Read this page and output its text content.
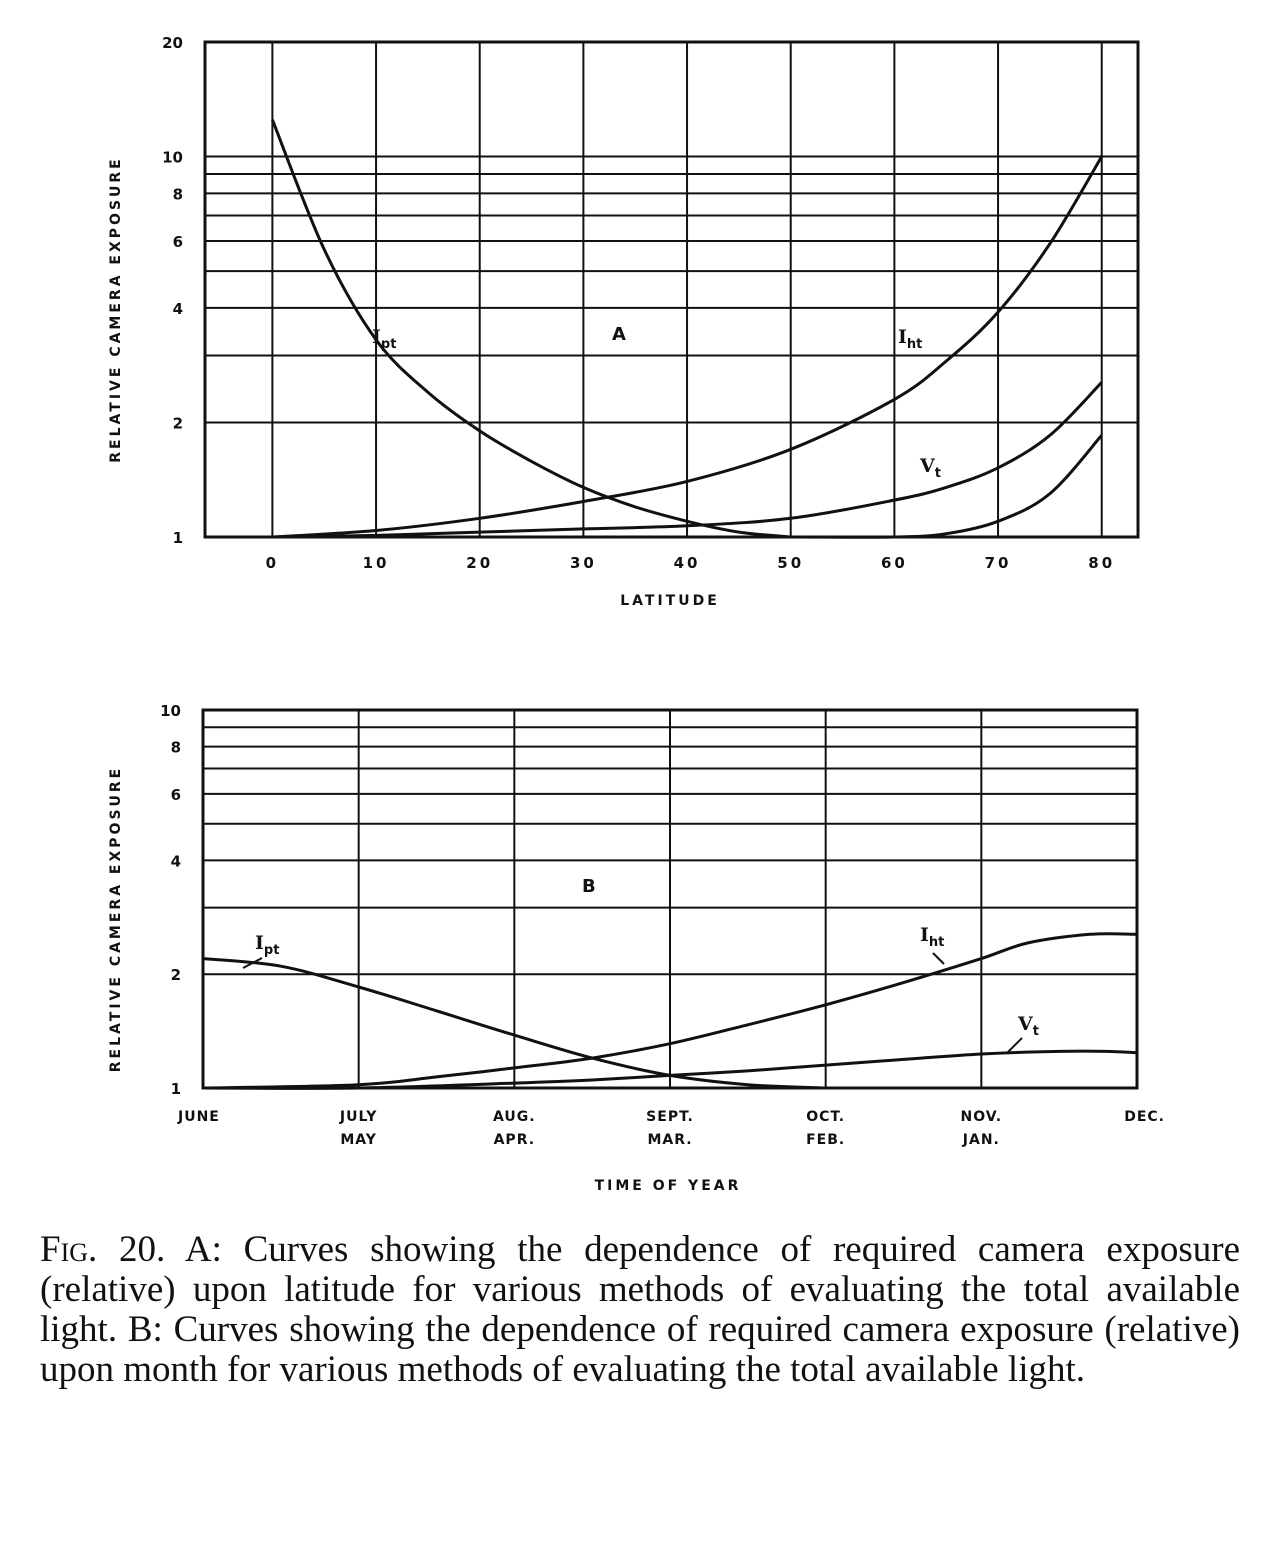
1
2
4
6
8
10
20
RELATIVE CAMERA EXPOSURE
0	10	20	30	40	50	60	70	80
LATITUDE
$I_{pt}$	$I_{ht}$
$V_t$
A
1
2
4
6
8
10
RELATIVE CAMERA EXPOSURE
JUNE	JULY
MAY
AUG.
APR.
SEPT.
MAR.
OCT.
FEB.
NOV.
JAN.
DEC.
TIME OF YEAR
$I_{pt}$
$I_{ht}$
$V_t$
B

Fig. 20. A: Curves showing the dependence of required camera exposure (relative) upon latitude for various methods of evaluating the total available light. B: Curves showing the dependence of required camera exposure (relative) upon month for various methods of evaluating the total available light.
